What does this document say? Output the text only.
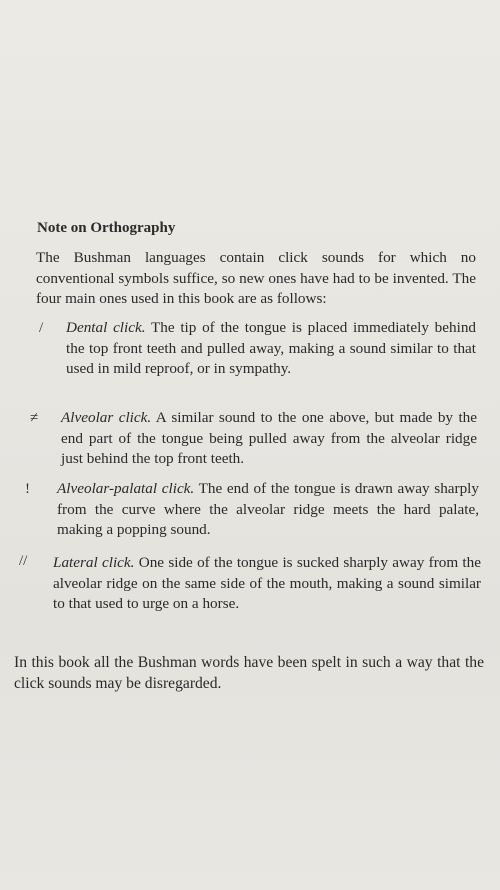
Note on Orthography
The Bushman languages contain click sounds for which no conventional symbols suffice, so new ones have had to be invented. The four main ones used in this book are as follows:
/ Dental click. The tip of the tongue is placed immediately behind the top front teeth and pulled away, making a sound similar to that used in mild reproof, or in sympathy.
≠ Alveolar click. A similar sound to the one above, but made by the end part of the tongue being pulled away from the alveolar ridge just behind the top front teeth.
! Alveolar-palatal click. The end of the tongue is drawn away sharply from the curve where the alveolar ridge meets the hard palate, making a popping sound.
// Lateral click. One side of the tongue is sucked sharply away from the alveolar ridge on the same side of the mouth, making a sound similar to that used to urge on a horse.
In this book all the Bushman words have been spelt in such a way that the click sounds may be disregarded.
